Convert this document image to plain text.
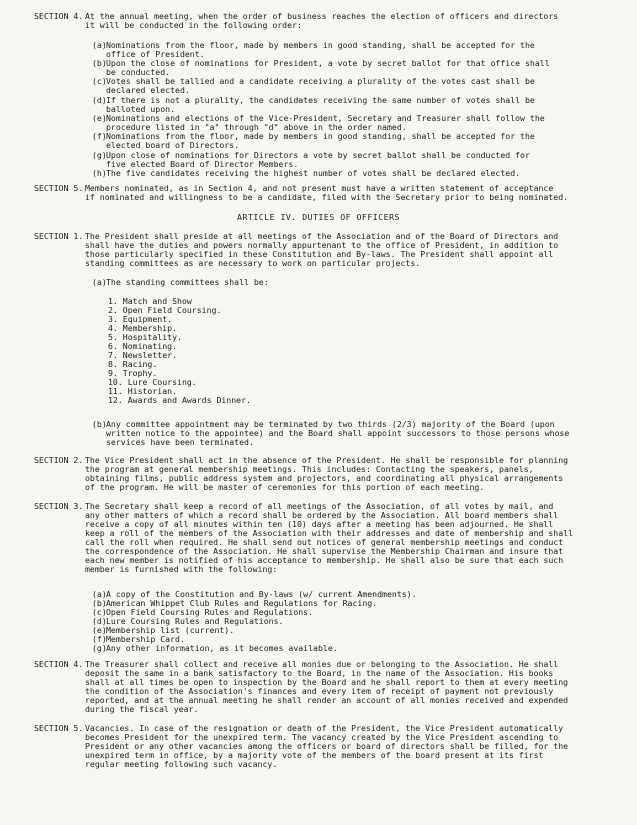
SECTION 4. At the annual meeting, when the order of business reaches the election of officers and directors
it will be conducted in the following order:
(a) Nominations from the floor, made by members in good standing, shall be accepted for the
office of President.
(b) Upon the close of nominations for President, a vote by secret ballot for that office shall
be conducted.
(c) Votes shall be tallied and a candidate receiving a plurality of the votes cast shall be
declared elected.
(d) If there is not a plurality, the candidates receiving the same number of votes shall be
balloted upon.
(e) Nominations and elections of the Vice-President, Secretary and Treasurer shall follow the
procedure listed in "a" through "d" above in the order named.
(f) Nominations from the floor, made by members in good standing, shall be accepted for the
elected board of Directors.
(g) Upon close of nominations for Directors a vote by secret ballot shall be conducted for
five elected Board of Director Members.
(h) The five candidates receiving the highest number of votes shall be declared elected.
SECTION 5. Members nominated, as in Section 4, and not present must have a written statement of acceptance
if nominated and willingness to be a candidate, filed with the Secretary prior to being nominated.
ARTICLE IV. DUTIES OF OFFICERS
SECTION 1. The President shall preside at all meetings of the Association and of the Board of Directors and
shall have the duties and powers normally appurtenant to the office of President, in addition to
those particularly specified in these Constitution and By-laws. The President shall appoint all
standing committees as are necessary to work on particular projects.
(a) The standing committees shall be:
1. Match and Show
2. Open Field Coursing.
3. Equipment.
4. Membership.
5. Hospitality.
6. Nominating.
7. Newsletter.
8. Racing.
9. Trophy.
10. Lure Coursing.
11. Historian.
12. Awards and Awards Dinner.
(b) Any committee appointment may be terminated by two thirds (2/3) majority of the Board (upon
written notice to the appointee) and the Board shall appoint successors to those persons whose
services have been terminated.
SECTION 2. The Vice President shall act in the absence of the President. He shall be responsible for planning
the program at general membership meetings. This includes: Contacting the speakers, panels,
obtaining films, public address system and projectors, and coordinating all physical arrangements
of the program. He will be master of ceremonies for this portion of each meeting.
SECTION 3. The Secretary shall keep a record of all meetings of the Association, of all votes by mail, and
any other matters of which a record shall be ordered by the Association. All board members shall
receive a copy of all minutes within ten (10) days after a meeting has been adjourned. He shall
keep a roll of the members of the Association with their addresses and date of membership and shall
call the roll when required. He shall send out notices of general membership meetings and conduct
the correspondence of the Association. He shall supervise the Membership Chairman and insure that
each new member is notified of his acceptance to membership. He shall also be sure that each such
member is furnished with the following:
(a) A copy of the Constitution and By-laws (w/ current Amendments).
(b) American Whippet Club Rules and Regulations for Racing.
(c) Open Field Coursing Rules and Regulations.
(d) Lure Coursing Rules and Regulations.
(e) Membership list (current).
(f) Membership Card.
(g) Any other information, as it becomes available.
SECTION 4. The Treasurer shall collect and receive all monies due or belonging to the Association. He shall
deposit the same in a bank satisfactory to the Board, in the name of the Association. His books
shall at all times be open to inspection by the Board and he shall report to them at every meeting
the condition of the Association's finances and every item of receipt of payment not previously
reported, and at the annual meeting he shall render an account of all monies received and expended
during the fiscal year.
SECTION 5. Vacancies. In case of the resignation or death of the President, the Vice President automatically
becomes President for the unexpired term. The vacancy created by the Vice President ascending to
President or any other vacancies among the officers or board of directors shall be filled, for the
unexpired term in office, by a majority vote of the members of the board present at its first
regular meeting following such vacancy.
